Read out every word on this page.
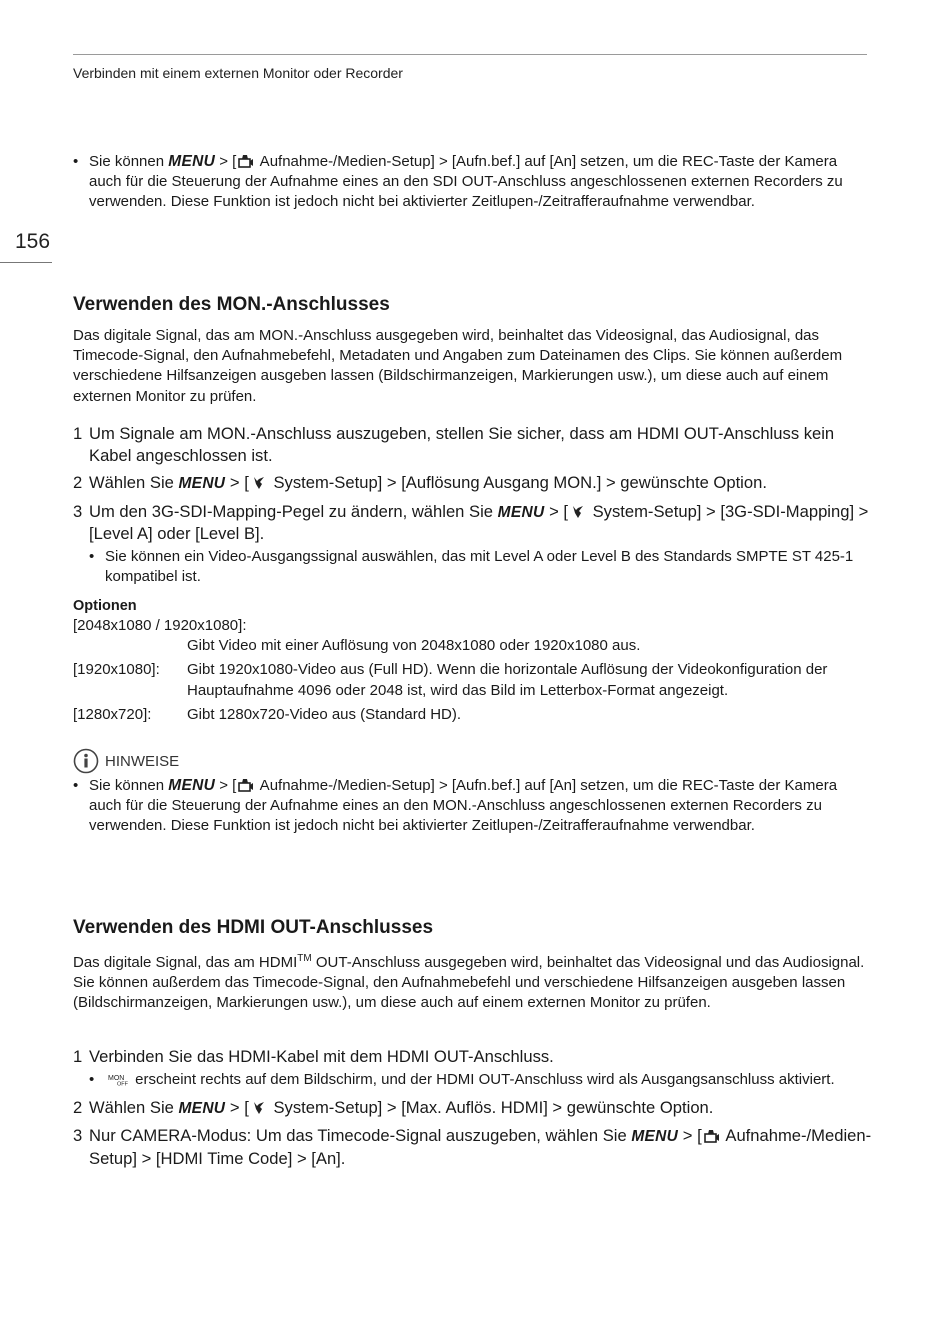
Verbinden mit einem externen Monitor oder Recorder
156

• Sie können MENU > [ Aufnahme-/Medien-Setup] > [Aufn.bef.] auf [An] setzen, um die REC-Taste der Kamera auch für die Steuerung der Aufnahme eines an den SDI OUT-Anschluss angeschlossenen externen Recorders zu verwenden. Diese Funktion ist jedoch nicht bei aktivierter Zeitlupen-/Zeitrafferaufnahme verwendbar.

Verwenden des MON.-Anschlusses

Das digitale Signal, das am MON.-Anschluss ausgegeben wird, beinhaltet das Videosignal, das Audiosignal, das Timecode-Signal, den Aufnahmebefehl, Metadaten und Angaben zum Dateinamen des Clips. Sie können außerdem verschiedene Hilfsanzeigen ausgeben lassen (Bildschirmanzeigen, Markierungen usw.), um diese auch auf einem externen Monitor zu prüfen.

1 Um Signale am MON.-Anschluss auszugeben, stellen Sie sicher, dass am HDMI OUT-Anschluss kein Kabel angeschlossen ist.

2 Wählen Sie MENU > [ System-Setup] > [Auflösung Ausgang MON.] > gewünschte Option.

3 Um den 3G-SDI-Mapping-Pegel zu ändern, wählen Sie MENU > [ System-Setup] > [3G-SDI-Mapping] > [Level A] oder [Level B].

• Sie können ein Video-Ausgangssignal auswählen, das mit Level A oder Level B des Standards SMPTE ST 425-1 kompatibel ist.

Optionen
[2048x1080 / 1920x1080]:
Gibt Video mit einer Auflösung von 2048x1080 oder 1920x1080 aus.
[1920x1080]: Gibt 1920x1080-Video aus (Full HD). Wenn die horizontale Auflösung der Videokonfiguration der Hauptaufnahme 4096 oder 2048 ist, wird das Bild im Letterbox-Format angezeigt.
[1280x720]: Gibt 1280x720-Video aus (Standard HD).
HINWEISE

• Sie können MENU > [ Aufnahme-/Medien-Setup] > [Aufn.bef.] auf [An] setzen, um die REC-Taste der Kamera auch für die Steuerung der Aufnahme eines an den MON.-Anschluss angeschlossenen externen Recorders zu verwenden. Diese Funktion ist jedoch nicht bei aktivierter Zeitlupen-/Zeitrafferaufnahme verwendbar.

Verwenden des HDMI OUT-Anschlusses

Das digitale Signal, das am HDMI™ OUT-Anschluss ausgegeben wird, beinhaltet das Videosignal und das Audiosignal. Sie können außerdem das Timecode-Signal, den Aufnahmebefehl und verschiedene Hilfsanzeigen ausgeben lassen (Bildschirmanzeigen, Markierungen usw.), um diese auch auf einem externen Monitor zu prüfen.

1 Verbinden Sie das HDMI-Kabel mit dem HDMI OUT-Anschluss.

• MON
OFF erscheint rechts auf dem Bildschirm, und der HDMI OUT-Anschluss wird als Ausgangsanschluss aktiviert.

2 Wählen Sie MENU > [ System-Setup] > [Max. Auflös. HDMI] > gewünschte Option.

3 Nur CAMERA-Modus: Um das Timecode-Signal auszugeben, wählen Sie MENU > [ Aufnahme-/Medien-Setup] > [HDMI Time Code] > [An].
